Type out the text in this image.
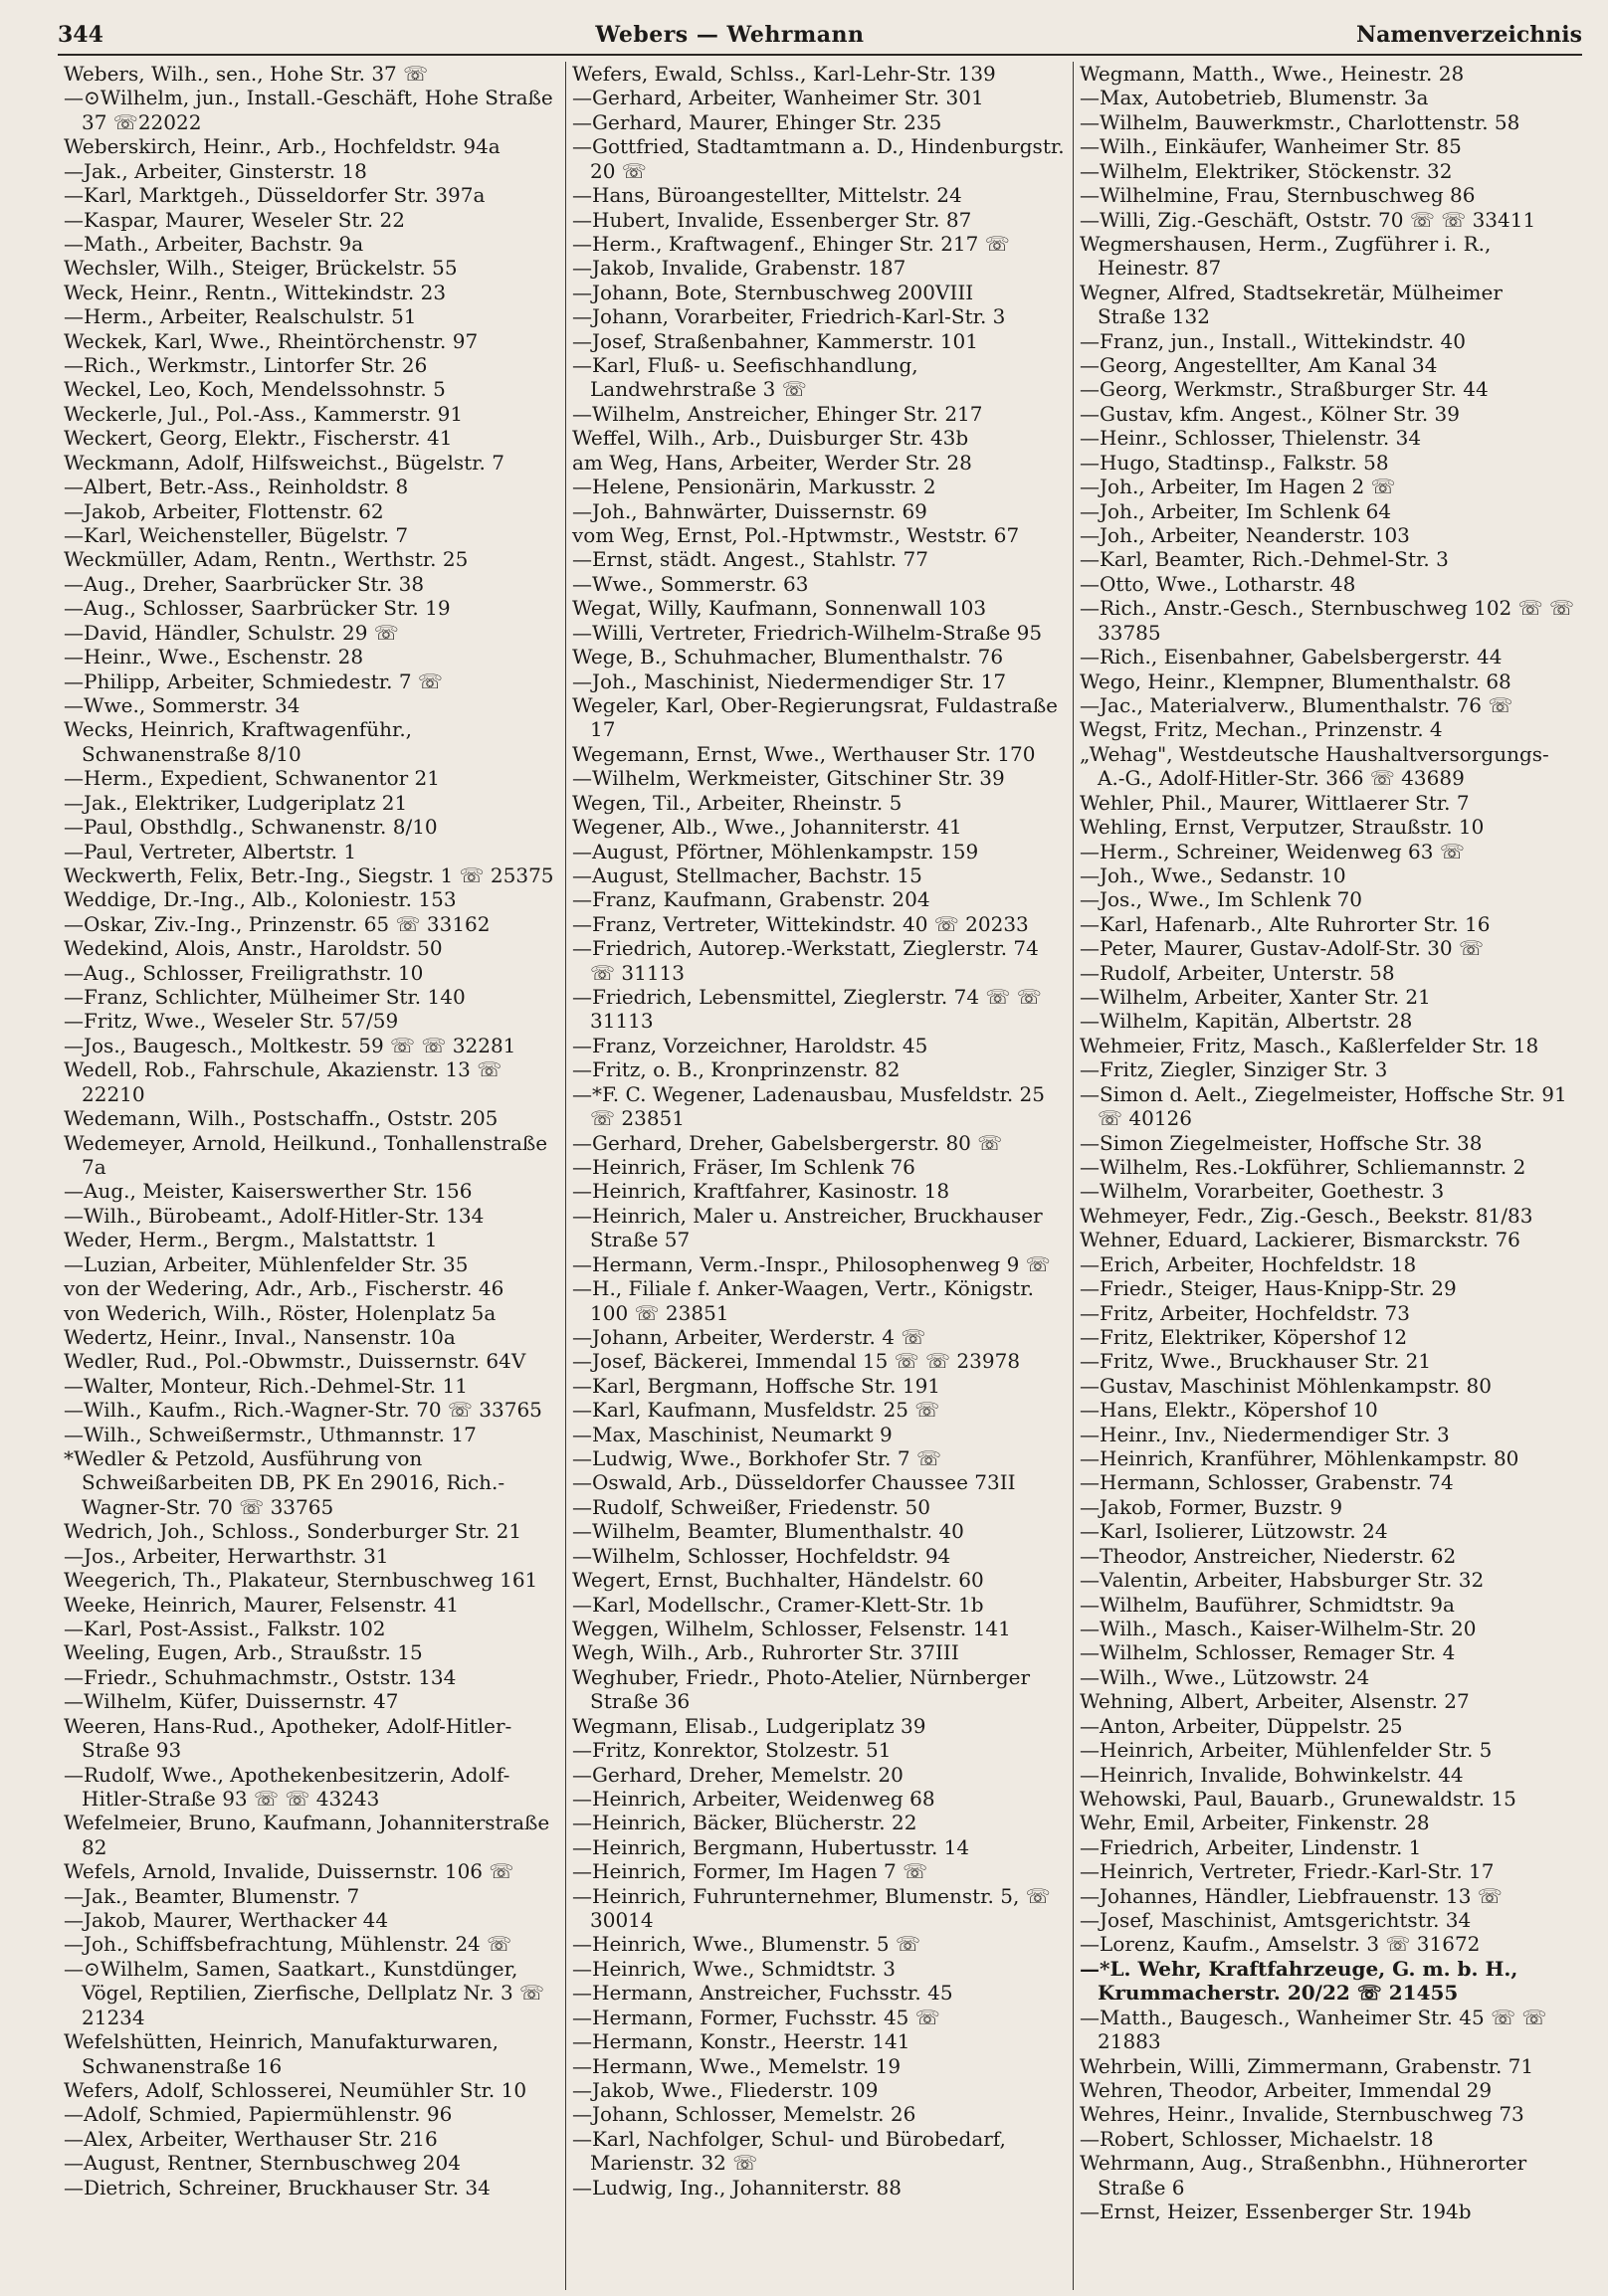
344	Webers — Wehrmann	Namenverzeichnis
Webers, Wilh., sen., Hohe Str. 37 ☏
—⊙Wilhelm, jun., Install.-Geschäft, Hohe Straße 37 ☏22022
Weberskirch, Heinr., Arb., Hochfeldstr. 94a
—Jak., Arbeiter, Ginsterstr. 18
—Karl, Marktgeh., Düsseldorfer Str. 397a
—Kaspar, Maurer, Weseler Str. 22
—Math., Arbeiter, Bachstr. 9a
Wechsler, Wilh., Steiger, Brückelstr. 55
Weck, Heinr., Rentn., Wittekindstr. 23
—Herm., Arbeiter, Realschulstr. 51
Weckek, Karl, Wwe., Rheintörchenstr. 97
—Rich., Werkmstr., Lintorfer Str. 26
Weckel, Leo, Koch, Mendelssohnstr. 5
Weckerle, Jul., Pol.-Ass., Kammerstr. 91
Weckert, Georg, Elektr., Fischerstr. 41
Weckmann, Adolf, Hilfsweichst., Bügelstr. 7
—Albert, Betr.-Ass., Reinholdstr. 8
—Jakob, Arbeiter, Flottenstr. 62
—Karl, Weichensteller, Bügelstr. 7
Weckmüller, Adam, Rentn., Werthstr. 25
—Aug., Dreher, Saarbrücker Str. 38
—Aug., Schlosser, Saarbrücker Str. 19
—David, Händler, Schulstr. 29 ☏
—Heinr., Wwe., Eschenstr. 28
—Philipp, Arbeiter, Schmiedestr. 7 ☏
—Wwe., Sommerstr. 34
Wecks, Heinrich, Kraftwagenführ., Schwanenstraße 8/10
—Herm., Expedient, Schwanentor 21
—Jak., Elektriker, Ludgeriplatz 21
—Paul, Obsthdlg., Schwanenstr. 8/10
—Paul, Vertreter, Albertstr. 1
Weckwerth, Felix, Betr.-Ing., Siegstr. 1 ☏ 25375
Weddige, Dr.-Ing., Alb., Koloniestr. 153
—Oskar, Ziv.-Ing., Prinzenstr. 65 ☏ 33162
Wedekind, Alois, Anstr., Haroldstr. 50
—Aug., Schlosser, Freiligrathstr. 10
—Franz, Schlichter, Mülheimer Str. 140
—Fritz, Wwe., Weseler Str. 57/59
—Jos., Baugesch., Moltkestr. 59 ☏ ☏ 32281
Wedell, Rob., Fahrschule, Akazienstr. 13 ☏ 22210
Wedemann, Wilh., Postschaffn., Oststr. 205
Wedemeyer, Arnold, Heilkund., Tonhallenstraße 7a
—Aug., Meister, Kaiserswerther Str. 156
—Wilh., Bürobeamt., Adolf-Hitler-Str. 134
Weder, Herm., Bergm., Malstattstr. 1
—Luzian, Arbeiter, Mühlenfelder Str. 35
von der Wedering, Adr., Arb., Fischerstr. 46
von Wederich, Wilh., Röster, Holenplatz 5a
Wedertz, Heinr., Inval., Nansenstr. 10a
Wedler, Rud., Pol.-Obwmstr., Duissernstr. 64V
—Walter, Monteur, Rich.-Dehmel-Str. 11
—Wilh., Kaufm., Rich.-Wagner-Str. 70 ☏ 33765
—Wilh., Schweißermstr., Uthmannstr. 17
*Wedler & Petzold, Ausführung von Schweißarbeiten DB, PK En 29016, Rich.-Wagner-Str. 70 ☏ 33765
Wedrich, Joh., Schloss., Sonderburger Str. 21
—Jos., Arbeiter, Herwarthstr. 31
Weegerich, Th., Plakateur, Sternbuschweg 161
Weeke, Heinrich, Maurer, Felsenstr. 41
—Karl, Post-Assist., Falkstr. 102
Weeling, Eugen, Arb., Straußstr. 15
—Friedr., Schuhmachmstr., Oststr. 134
—Wilhelm, Küfer, Duissernstr. 47
Weeren, Hans-Rud., Apotheker, Adolf-Hitler-Straße 93
—Rudolf, Wwe., Apothekenbesitzerin, Adolf-Hitler-Straße 93 ☏ ☏ 43243
Wefelmeier, Bruno, Kaufmann, Johanniterstraße 82
Wefels, Arnold, Invalide, Duissernstr. 106 ☏
—Jak., Beamter, Blumenstr. 7
—Jakob, Maurer, Werthacker 44
—Joh., Schiffsbefrachtung, Mühlenstr. 24 ☏
—⊙Wilhelm, Samen, Saatkart., Kunstdünger, Vögel, Reptilien, Zierfische, Dellplatz Nr. 3 ☏ 21234
Wefelshütten, Heinrich, Manufakturwaren, Schwanenstraße 16
Wefers, Adolf, Schlosserei, Neumühler Str. 10
—Adolf, Schmied, Papiermühlenstr. 96
—Alex, Arbeiter, Werthauser Str. 216
—August, Rentner, Sternbuschweg 204
—Dietrich, Schreiner, Bruckhauser Str. 34
Wefers, Ewald, Schlss., Karl-Lehr-Str. 139
—Gerhard, Arbeiter, Wanheimer Str. 301
—Gerhard, Maurer, Ehinger Str. 235
—Gottfried, Stadtamtmann a. D., Hindenburgstr. 20 ☏
—Hans, Büroangestellter, Mittelstr. 24
—Hubert, Invalide, Essenberger Str. 87
—Herm., Kraftwagenf., Ehinger Str. 217 ☏
—Jakob, Invalide, Grabenstr. 187
—Johann, Bote, Sternbuschweg 200VIII
—Johann, Vorarbeiter, Friedrich-Karl-Str. 3
—Josef, Straßenbahner, Kammerstr. 101
—Karl, Fluß- u. Seefischhandlung, Landwehrstraße 3 ☏
—Wilhelm, Anstreicher, Ehinger Str. 217
Weffel, Wilh., Arb., Duisburger Str. 43b
am Weg, Hans, Arbeiter, Werder Str. 28
—Helene, Pensionärin, Markusstr. 2
—Joh., Bahnwärter, Duissernstr. 69
vom Weg, Ernst, Pol.-Hptwmstr., Weststr. 67
—Ernst, städt. Angest., Stahlstr. 77
—Wwe., Sommerstr. 63
Wegat, Willy, Kaufmann, Sonnenwall 103
—Willi, Vertreter, Friedrich-Wilhelm-Straße 95
Wege, B., Schuhmacher, Blumenthalstr. 76
—Joh., Maschinist, Niedermendiger Str. 17
Wegeler, Karl, Ober-Regierungsrat, Fuldastraße 17
Wegemann, Ernst, Wwe., Werthauser Str. 170
—Wilhelm, Werkmeister, Gitschiner Str. 39
Wegen, Til., Arbeiter, Rheinstr. 5
Wegener, Alb., Wwe., Johanniterstr. 41
—August, Pförtner, Möhlenkampstr. 159
—August, Stellmacher, Bachstr. 15
—Franz, Kaufmann, Grabenstr. 204
—Franz, Vertreter, Wittekindstr. 40 ☏ 20233
—Friedrich, Autorep.-Werkstatt, Zieglerstr. 74 ☏ 31113
—Friedrich, Lebensmittel, Zieglerstr. 74 ☏ ☏ 31113
—Franz, Vorzeichner, Haroldstr. 45
—Fritz, o. B., Kronprinzenstr. 82
—*F. C. Wegener, Ladenausbau, Musfeldstr. 25 ☏ 23851
—Gerhard, Dreher, Gabelsbergerstr. 80 ☏
—Heinrich, Fräser, Im Schlenk 76
—Heinrich, Kraftfahrer, Kasinostr. 18
—Heinrich, Maler u. Anstreicher, Bruckhauser Straße 57
—Hermann, Verm.-Inspr., Philosophenweg 9 ☏
—H., Filiale f. Anker-Waagen, Vertr., Königstr. 100 ☏ 23851
—Johann, Arbeiter, Werderstr. 4 ☏
—Josef, Bäckerei, Immendal 15 ☏ ☏ 23978
—Karl, Bergmann, Hoffsche Str. 191
—Karl, Kaufmann, Musfeldstr. 25 ☏
—Max, Maschinist, Neumarkt 9
—Ludwig, Wwe., Borkhofer Str. 7 ☏
—Oswald, Arb., Düsseldorfer Chaussee 73II
—Rudolf, Schweißer, Friedenstr. 50
—Wilhelm, Beamter, Blumenthalstr. 40
—Wilhelm, Schlosser, Hochfeldstr. 94
Wegert, Ernst, Buchhalter, Händelstr. 60
—Karl, Modellschr., Cramer-Klett-Str. 1b
Weggen, Wilhelm, Schlosser, Felsenstr. 141
Wegh, Wilh., Arb., Ruhrorter Str. 37III
Weghuber, Friedr., Photo-Atelier, Nürnberger Straße 36
Wegmann, Elisab., Ludgeriplatz 39
—Fritz, Konrektor, Stolzestr. 51
—Gerhard, Dreher, Memelstr. 20
—Heinrich, Arbeiter, Weidenweg 68
—Heinrich, Bäcker, Blücherstr. 22
—Heinrich, Bergmann, Hubertusstr. 14
—Heinrich, Former, Im Hagen 7 ☏
—Heinrich, Fuhrunternehmer, Blumenstr. 5, ☏ 30014
—Heinrich, Wwe., Blumenstr. 5 ☏
—Heinrich, Wwe., Schmidtstr. 3
—Hermann, Anstreicher, Fuchsstr. 45
—Hermann, Former, Fuchsstr. 45 ☏
—Hermann, Konstr., Heerstr. 141
—Hermann, Wwe., Memelstr. 19
—Jakob, Wwe., Fliederstr. 109
—Johann, Schlosser, Memelstr. 26
—Karl, Nachfolger, Schul- und Bürobedarf, Marienstr. 32 ☏
—Ludwig, Ing., Johanniterstr. 88
Wegmann, Matth., Wwe., Heinestr. 28
—Max, Autobetrieb, Blumenstr. 3a
—Wilhelm, Bauwerkmstr., Charlottenstr. 58
—Wilh., Einkäufer, Wanheimer Str. 85
—Wilhelm, Elektriker, Stöckenstr. 32
—Wilhelmine, Frau, Sternbuschweg 86
—Willi, Zig.-Geschäft, Oststr. 70 ☏ ☏ 33411
Wegmershausen, Herm., Zugführer i. R., Heinestr. 87
Wegner, Alfred, Stadtsekretär, Mülheimer Straße 132
—Franz, jun., Install., Wittekindstr. 40
—Georg, Angestellter, Am Kanal 34
—Georg, Werkmstr., Straßburger Str. 44
—Gustav, kfm. Angest., Kölner Str. 39
—Heinr., Schlosser, Thielenstr. 34
—Hugo, Stadtinsp., Falkstr. 58
—Joh., Arbeiter, Im Hagen 2 ☏
—Joh., Arbeiter, Im Schlenk 64
—Joh., Arbeiter, Neanderstr. 103
—Karl, Beamter, Rich.-Dehmel-Str. 3
—Otto, Wwe., Lotharstr. 48
—Rich., Anstr.-Gesch., Sternbuschweg 102 ☏ ☏ 33785
—Rich., Eisenbahner, Gabelsbergerstr. 44
Wego, Heinr., Klempner, Blumenthalstr. 68
—Jac., Materialverw., Blumenthalstr. 76 ☏
Wegst, Fritz, Mechan., Prinzenstr. 4
„Wehag", Westdeutsche Haushaltversorgungs-A.-G., Adolf-Hitler-Str. 366 ☏ 43689
Wehler, Phil., Maurer, Wittlaerer Str. 7
Wehling, Ernst, Verputzer, Straußstr. 10
—Herm., Schreiner, Weidenweg 63 ☏
—Joh., Wwe., Sedanstr. 10
—Jos., Wwe., Im Schlenk 70
—Karl, Hafenarb., Alte Ruhrorter Str. 16
—Peter, Maurer, Gustav-Adolf-Str. 30 ☏
—Rudolf, Arbeiter, Unterstr. 58
—Wilhelm, Arbeiter, Xanter Str. 21
—Wilhelm, Kapitän, Albertstr. 28
Wehmeier, Fritz, Masch., Kaßlerfelder Str. 18
—Fritz, Ziegler, Sinziger Str. 3
—Simon d. Aelt., Ziegelmeister, Hoffsche Str. 91 ☏ 40126
—Simon Ziegelmeister, Hoffsche Str. 38
—Wilhelm, Res.-Lokführer, Schliemannstr. 2
—Wilhelm, Vorarbeiter, Goethestr. 3
Wehmeyer, Fedr., Zig.-Gesch., Beekstr. 81/83
Wehner, Eduard, Lackierer, Bismarckstr. 76
—Erich, Arbeiter, Hochfeldstr. 18
—Friedr., Steiger, Haus-Knipp-Str. 29
—Fritz, Arbeiter, Hochfeldstr. 73
—Fritz, Elektriker, Köpershof 12
—Fritz, Wwe., Bruckhauser Str. 21
—Gustav, Maschinist Möhlenkampstr. 80
—Hans, Elektr., Köpershof 10
—Heinr., Inv., Niedermendiger Str. 3
—Heinrich, Kranführer, Möhlenkampstr. 80
—Hermann, Schlosser, Grabenstr. 74
—Jakob, Former, Buzstr. 9
—Karl, Isolierer, Lützowstr. 24
—Theodor, Anstreicher, Niederstr. 62
—Valentin, Arbeiter, Habsburger Str. 32
—Wilhelm, Bauführer, Schmidtstr. 9a
—Wilh., Masch., Kaiser-Wilhelm-Str. 20
—Wilhelm, Schlosser, Remager Str. 4
—Wilh., Wwe., Lützowstr. 24
Wehning, Albert, Arbeiter, Alsenstr. 27
—Anton, Arbeiter, Düppelstr. 25
—Heinrich, Arbeiter, Mühlenfelder Str. 5
—Heinrich, Invalide, Bohwinkelstr. 44
Wehowski, Paul, Bauarb., Grunewaldstr. 15
Wehr, Emil, Arbeiter, Finkenstr. 28
—Friedrich, Arbeiter, Lindenstr. 1
—Heinrich, Vertreter, Friedr.-Karl-Str. 17
—Johannes, Händler, Liebfrauenstr. 13 ☏
—Josef, Maschinist, Amtsgerichtstr. 34
—Lorenz, Kaufm., Amselstr. 3 ☏ 31672
—*L. Wehr, Kraftfahrzeuge, G. m. b. H., Krummacherstr. 20/22 ☏ 21455
—Matth., Baugesch., Wanheimer Str. 45 ☏ ☏ 21883
Wehrbein, Willi, Zimmermann, Grabenstr. 71
Wehren, Theodor, Arbeiter, Immendal 29
Wehres, Heinr., Invalide, Sternbuschweg 73
—Robert, Schlosser, Michaelstr. 18
Wehrmann, Aug., Straßenbhn., Hühnerorter Straße 6
—Ernst, Heizer, Essenberger Str. 194b
